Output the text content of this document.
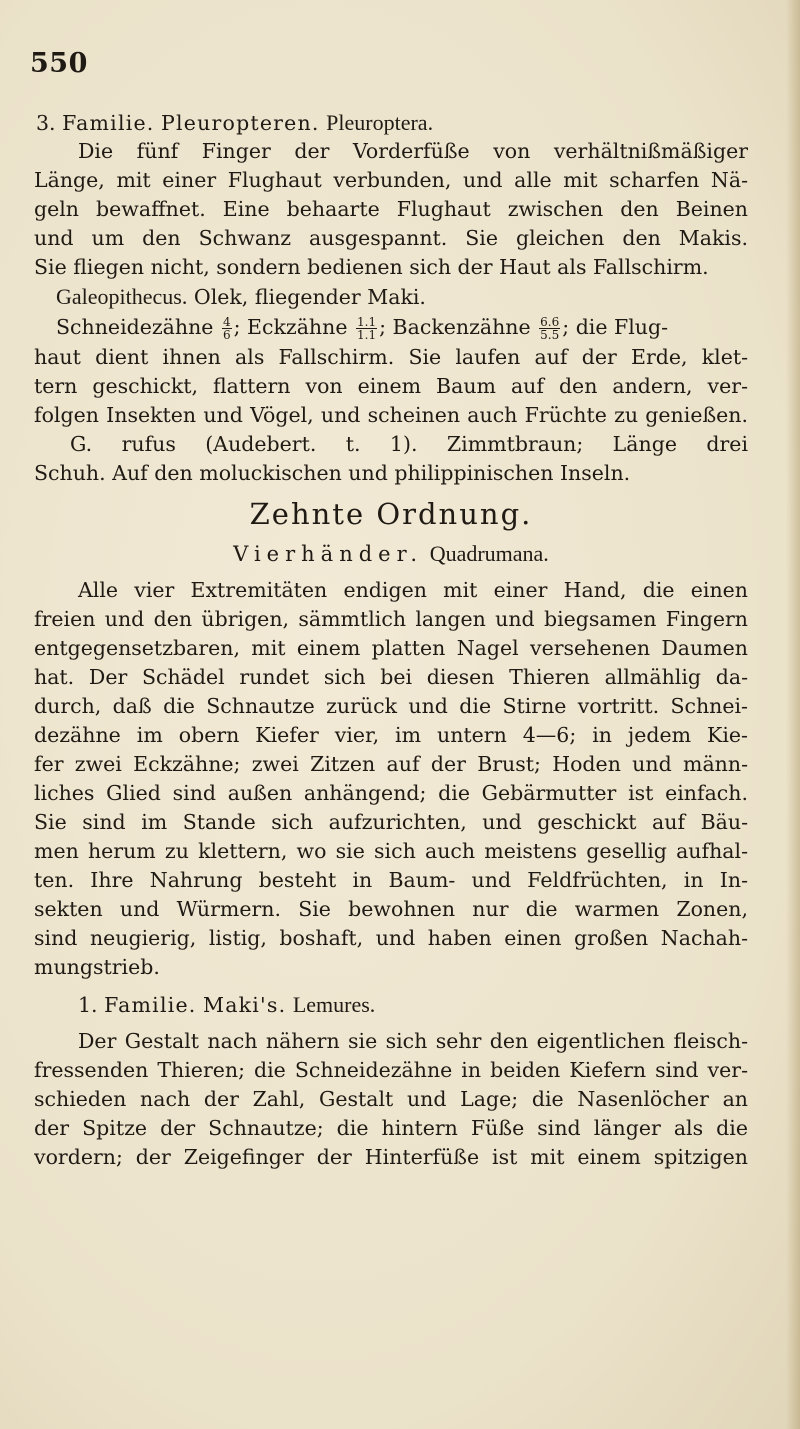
550
3. Familie. Pleuropteren. Pleuroptera.
Die fünf Finger der Vorderfüße von verhältnißmäßiger
Länge, mit einer Flughaut verbunden, und alle mit scharfen Nä-
geln bewaffnet. Eine behaarte Flughaut zwischen den Beinen
und um den Schwanz ausgespannt. Sie gleichen den Makis.
Sie fliegen nicht, sondern bedienen sich der Haut als Fallschirm.
Galeopithecus. Olek, fliegender Maki.
Schneidezähne $\frac{4}{6}$ ; Eckzähne $\frac{1.1}{1.1}$ ; Backenzähne $\frac{6.6}{5.5}$ ; die Flug-
haut dient ihnen als Fallschirm. Sie laufen auf der Erde, klet-
tern geschickt, flattern von einem Baum auf den andern, ver-
folgen Insekten und Vögel, und scheinen auch Früchte zu genießen.
G. rufus (Audebert. t. 1). Zimmtbraun; Länge drei
Schuh. Auf den moluckischen und philippinischen Inseln.
Zehnte Ordnung.
Vierhänder. Quadrumana.
Alle vier Extremitäten endigen mit einer Hand, die einen
freien und den übrigen, sämmtlich langen und biegsamen Fingern
entgegensetzbaren, mit einem platten Nagel versehenen Daumen
hat. Der Schädel rundet sich bei diesen Thieren allmählig da-
durch, daß die Schnautze zurück und die Stirne vortritt. Schnei-
dezähne im obern Kiefer vier, im untern 4—6; in jedem Kie-
fer zwei Eckzähne; zwei Zitzen auf der Brust; Hoden und männ-
liches Glied sind außen anhängend; die Gebärmutter ist einfach.
Sie sind im Stande sich aufzurichten, und geschickt auf Bäu-
men herum zu klettern, wo sie sich auch meistens gesellig aufhal-
ten. Ihre Nahrung besteht in Baum- und Feldfrüchten, in In-
sekten und Würmern. Sie bewohnen nur die warmen Zonen,
sind neugierig, listig, boshaft, und haben einen großen Nachah-
mungstrieb.
1. Familie. Maki's. Lemures.
Der Gestalt nach nähern sie sich sehr den eigentlichen fleisch-
fressenden Thieren; die Schneidezähne in beiden Kiefern sind ver-
schieden nach der Zahl, Gestalt und Lage; die Nasenlöcher an
der Spitze der Schnautze; die hintern Füße sind länger als die
vordern; der Zeigefinger der Hinterfüße ist mit einem spitzigen
